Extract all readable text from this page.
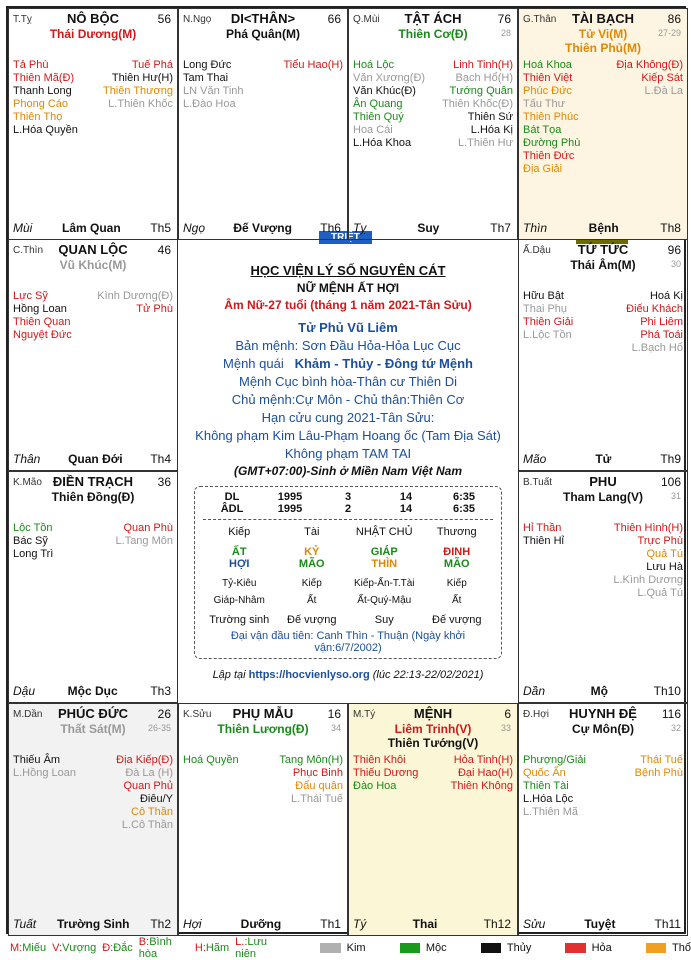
HỌC VIỆN LÝ SỐ NGUYÊN CÁT
NỮ MỆNH ẤT HỢI
Âm Nữ-27 tuổi (tháng 1 năm 2021-Tân Sửu)
Tử Phủ Vũ Liêm
Bản mệnh: Sơn Đầu Hỏa-Hỏa Lục Cục
Mệnh quái Khảm - Thủy - Đông tứ Mệnh
Mệnh Cục bình hòa-Thân cư Thiên Di
Chủ mệnh:Cự Môn - Chủ thân:Thiên Cơ
Hạn cửu cung 2021-Tân Sửu:
Không phạm Kim Lâu-Phạm Hoang ốc (Tam Địa Sát)
Không phạm TAM TAI
(GMT+07:00)-Sinh ở Miền Nam Việt Nam
DL	1995	3	14	6:35
ÂDL	1995	2	14	6:35
Kiếp	Tài	NHẬT CHỦ	Thương
ẤT	KỶ	GIÁP	ĐINH
HỢI	MÃO	THÌN	MÃO
Tỷ-Kiêu	Kiếp	Kiếp-Ấn-T.Tài	Kiếp
Giáp-Nhâm	Ất	Ất-Quý-Mậu	Ất
Trường sinh	Đế vượng	Suy	Đế vượng
Đại vận đầu tiên: Canh Thìn - Thuận (Ngày khởi vận:6/7/2002)
Lập tại https://hocvienlyso.org (lúc 22:13-22/02/2021)
TRIỆT
T.Tỵ	NÔ BỘC	56
Thái Dương(M)
Tả Phù	Tuế Phá
Thiên Mã(Đ)	Thiên Hư(H)
Thanh Long	Thiên Thương
Phong Cáo	L.Thiên Khốc
Thiên Thọ
L.Hóa Quyền
Mùi Lâm Quan Th5
N.Ngọ	DI<THÂN>	66
Phá Quân(M)
Long Đức	Tiểu Hao(H)
Tam Thai
LN Văn Tinh
L.Đào Hoa
Ngọ Đế Vượng Th6
Q.Mùi	TẬT ÁCH	76
28
Thiên Cơ(Đ)
Hoá Lộc	Linh Tinh(H)
Văn Xương(Đ)	Bạch Hổ(H)
Văn Khúc(Đ)	Tướng Quân
Ân Quang	Thiên Khốc(Đ)
Thiên Quý	Thiên Sứ
Hoa Cái	L.Hóa Kị
L.Hóa Khoa	L.Thiên Hư
Tỵ	Suy	Th7
G.Thân	TÀI BẠCH	86
27-29
Tử Vi(M)
Thiên Phủ(M)
Hoá Khoa	Địa Không(Đ)
Thiên Việt	Kiếp Sát
Phúc Đức	L.Đà La
Tấu Thư
Thiên Phúc
Bát Tọa
Đường Phù
Thiên Đức
Địa Giải
Thìn	Bệnh	Th8
C.Thìn	QUAN LỘC	46
Vũ Khúc(M)
Lực Sỹ	Kình Dương(Đ)
Hồng Loan	Tử Phù
Thiên Quan
Nguyệt Đức
Thân Quan Đới Th4
Ấ.Dậu	TỨ TỨC	96
30
Thái Âm(M)
Hữu Bật	Hoá Kị
Thai Phụ	Điếu Khách
Thiên Giải	Phi Liêm
L.Lộc Tồn	Phá Toái
L.Bạch Hổ
Mão	Tử	Th9
K.Mão ĐIỀN TRẠCH	36
Thiên Đồng(Đ)
Lộc Tồn	Quan Phù
Bác Sỹ	L.Tang Môn
Long Trì
Dậu	Mộc Dục	Th3
B.Tuất	PHU	106
31
Tham Lang(V)
Hỉ Thần	Thiên Hình(H)
Thiên Hỉ	Trực Phù
Quả Tú
Lưu Hà
L.Kình Dương
L.Quả Tú
Dần	Mộ	Th10
M.Dần	PHÚC ĐỨC	26
26-35
Thất Sát(M)
Thiếu Âm	Địa Kiếp(Đ)
L.Hồng Loan	Đà La (H)
Quan Phủ
Điêu/Y
Cô Thần
L.Cô Thần
Tuất Trường Sinh Th2
K.Sửu	PHỤ MẪU	16
34
Thiên Lương(Đ)
Hoá Quyền	Tang Môn(H)
Phục Binh
Đẩu quân
L.Thái Tuế
Hợi	Dưỡng	Th1
M.Tý	MỆNH	6
33
Liêm Trinh(V)
Thiên Tướng(V)
Thiên Khôi	Hỏa Tinh(H)
Thiếu Dương	Đại Hao(H)
Đào Hoa	Thiên Không
Tý	Thai	Th12
Đ.Hợi	HUYNH ĐỆ	116
32
Cự Môn(Đ)
Phượng/Giải	Thái Tuế
Quốc Ấn	Bệnh Phù
Thiên Tài
L.Hóa Lộc
L.Thiên Mã
Sửu	Tuyệt	Th11
M:Miếu V:Vượng Đ:Đắc B:Bình hòa	H:Hãm L.:Lưu niên	Kim	Mộc	Thủy	Hỏa	Thổ
